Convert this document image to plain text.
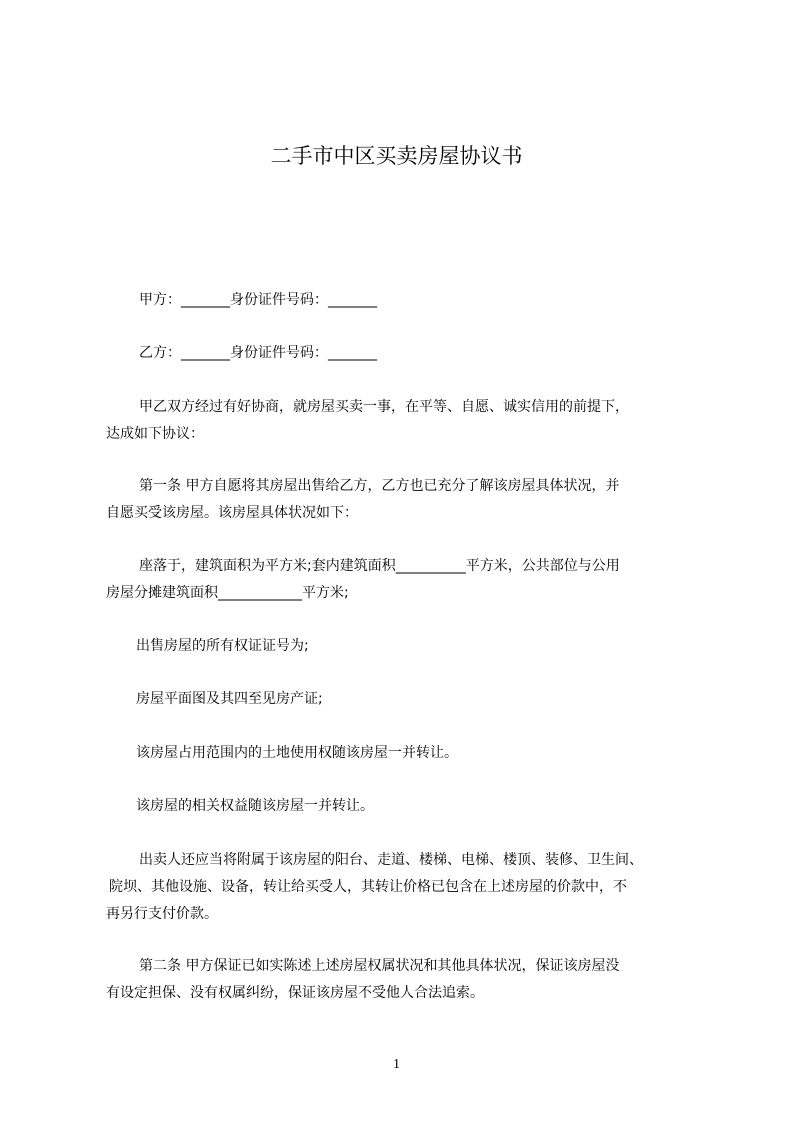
二手市中区买卖房屋协议书

甲方：_______身份证件号码：_______

乙方：_______身份证件号码：_______

甲乙双方经过有好协商，就房屋买卖一事，在平等、自愿、诚实信用的前提下，
达成如下协议：

第一条 甲方自愿将其房屋出售给乙方，乙方也已充分了解该房屋具体状况，并
自愿买受该房屋。该房屋具体状况如下：

座落于，建筑面积为平方米;套内建筑面积__________平方米，公共部位与公用
房屋分摊建筑面积____________平方米;

出售房屋的所有权证证号为;

房屋平面图及其四至见房产证;

该房屋占用范围内的土地使用权随该房屋一并转让。

该房屋的相关权益随该房屋一并转让。

出卖人还应当将附属于该房屋的阳台、走道、楼梯、电梯、楼顶、装修、卫生间、
院坝、其他设施、设备，转让给买受人，其转让价格已包含在上述房屋的价款中，不
再另行支付价款。

第二条 甲方保证已如实陈述上述房屋权属状况和其他具体状况，保证该房屋没
有设定担保、没有权属纠纷，保证该房屋不受他人合法追索。

1
